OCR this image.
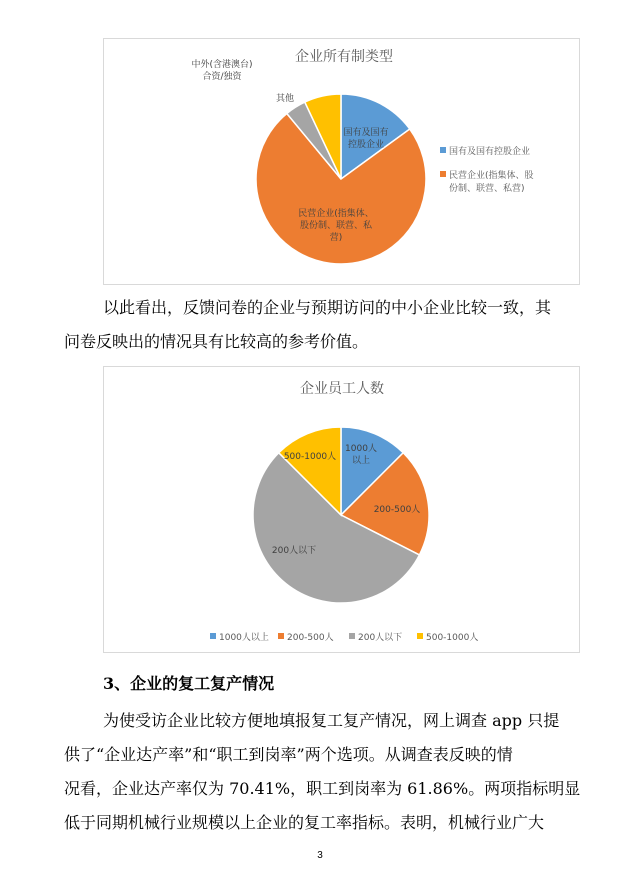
企业所有制类型
国有及国有
控股企业
民营企业(指集体、
股份制、联营、私
营)
其他
中外(含港澳台)
合资/独资
国有及国有控股企业
民营企业(指集体、股
份制、联营、私营)
以此看出，反馈问卷的企业与预期访问的中小企业比较一致，其
问卷反映出的情况具有比较高的参考价值。
企业员工人数
1000人
以上
200-500人
200人以下
500-1000人
1000人以上 200-500人	200人以下	500-1000人
3、企业的复工复产情况
为使受访企业比较方便地填报复工复产情况，网上调查 app 只提
供了“企业达产率”和“职工到岗率”两个选项。从调查表反映的情
况看，企业达产率仅为 70.41%，职工到岗率为 61.86%。两项指标明显
低于同期机械行业规模以上企业的复工率指标。表明，机械行业广大
3
